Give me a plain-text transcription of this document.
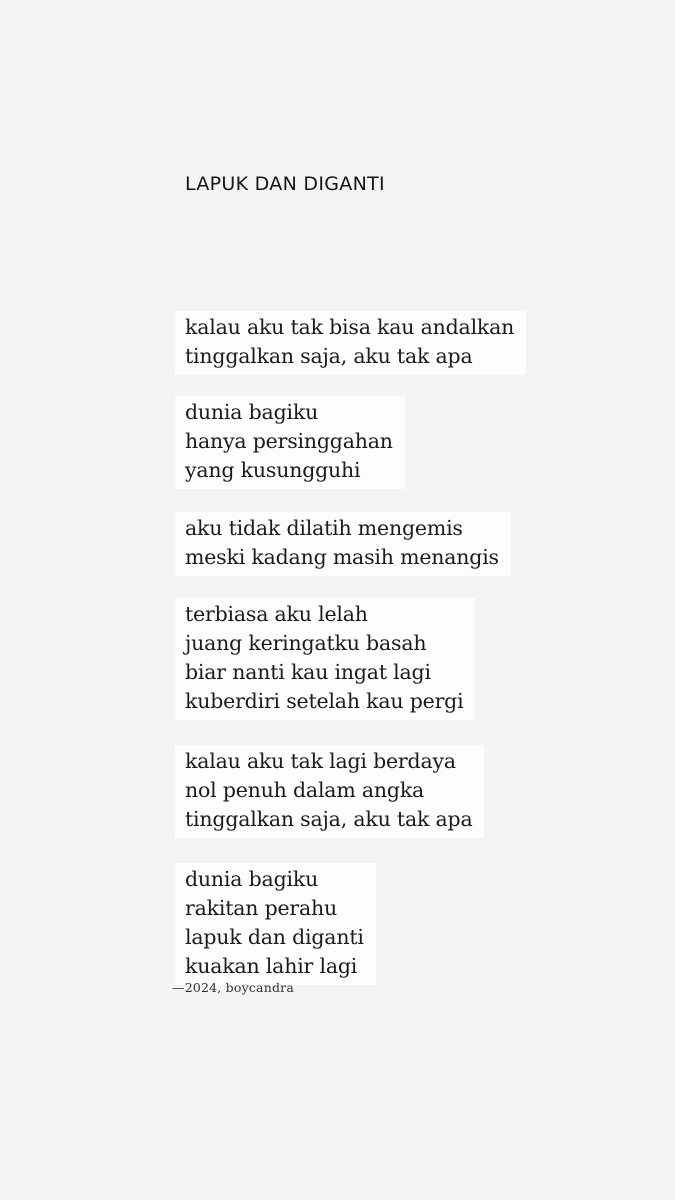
LAPUK DAN DIGANTI
kalau aku tak bisa kau andalkan
tinggalkan saja, aku tak apa
dunia bagiku
hanya persinggahan
yang kusungguhi
aku tidak dilatih mengemis
meski kadang masih menangis
terbiasa aku lelah
juang keringatku basah
biar nanti kau ingat lagi
kuberdiri setelah kau pergi
kalau aku tak lagi berdaya
nol penuh dalam angka
tinggalkan saja, aku tak apa
dunia bagiku
rakitan perahu
lapuk dan diganti
kuakan lahir lagi
—2024, boycandra
